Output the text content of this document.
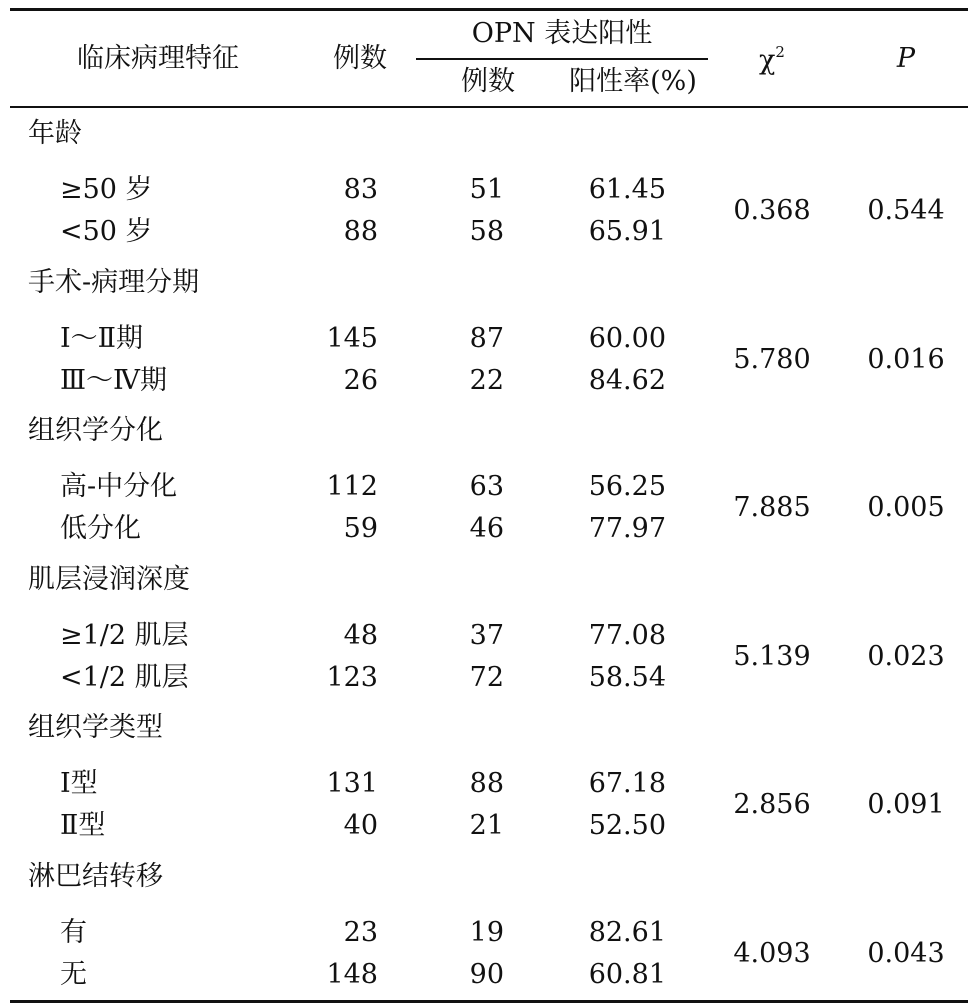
临床病理特征	例数
OPN 表达阳性
例数	阳性率(%)
$\chi^2$	P
年龄
≥50 岁	83	51	61.45
<50 岁	88	58	65.91
0.368	0.544
手术-病理分期
Ⅰ～Ⅱ期	145	87	60.00
Ⅲ～Ⅳ期	26	22	84.62
5.780	0.016
组织学分化
高-中分化	112	63	56.25
低分化	59	46	77.97
7.885	0.005
肌层浸润深度
≥1/2 肌层	48	37	77.08
<1/2 肌层	123	72	58.54
5.139	0.023
组织学类型
Ⅰ型	131	88	67.18
Ⅱ型	40	21	52.50
2.856	0.091
淋巴结转移
有	23	19	82.61
无	148	90	60.81
4.093	0.043
